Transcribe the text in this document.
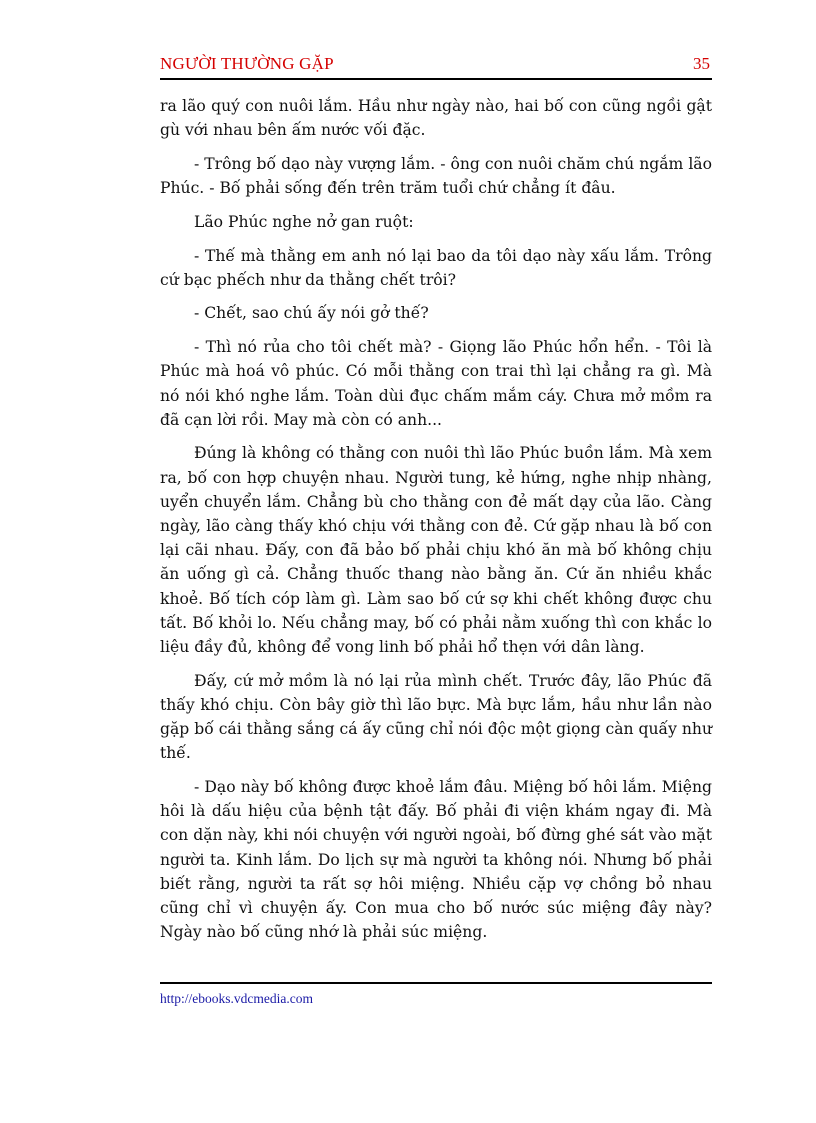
NGƯỜI THƯỜNG GẶP	35

ra lão quý con nuôi lắm. Hầu như ngày nào, hai bố con cũng ngồi gật gù với nhau bên ấm nước vối đặc.

- Trông bố dạo này vượng lắm. - ông con nuôi chăm chú ngắm lão Phúc. - Bố phải sống đến trên trăm tuổi chứ chẳng ít đâu.

Lão Phúc nghe nở gan ruột:

- Thế mà thằng em anh nó lại bao da tôi dạo này xấu lắm. Trông cứ bạc phếch như da thằng chết trôi?

- Chết, sao chú ấy nói gở thế?

- Thì nó rủa cho tôi chết mà? - Giọng lão Phúc hổn hển. - Tôi là Phúc mà hoá vô phúc. Có mỗi thằng con trai thì lại chẳng ra gì. Mà nó nói khó nghe lắm. Toàn dùi đục chấm mắm cáy. Chưa mở mồm ra đã cạn lời rồi. May mà còn có anh...

Đúng là không có thằng con nuôi thì lão Phúc buồn lắm. Mà xem ra, bố con hợp chuyện nhau. Người tung, kẻ hứng, nghe nhịp nhàng, uyển chuyển lắm. Chẳng bù cho thằng con đẻ mất dạy của lão. Càng ngày, lão càng thấy khó chịu với thằng con đẻ. Cứ gặp nhau là bố con lại cãi nhau. Đấy, con đã bảo bố phải chịu khó ăn mà bố không chịu ăn uống gì cả. Chẳng thuốc thang nào bằng ăn. Cứ ăn nhiều khắc khoẻ. Bố tích cóp làm gì. Làm sao bố cứ sợ khi chết không được chu tất. Bố khỏi lo. Nếu chẳng may, bố có phải nằm xuống thì con khắc lo liệu đầy đủ, không để vong linh bố phải hổ thẹn với dân làng.

Đấy, cứ mở mồm là nó lại rủa mình chết. Trước đây, lão Phúc đã thấy khó chịu. Còn bây giờ thì lão bực. Mà bực lắm, hầu như lần nào gặp bố cái thằng sắng cá ấy cũng chỉ nói độc một giọng càn quấy như thế.

- Dạo này bố không được khoẻ lắm đâu. Miệng bố hôi lắm. Miệng hôi là dấu hiệu của bệnh tật đấy. Bố phải đi viện khám ngay đi. Mà con dặn này, khi nói chuyện với người ngoài, bố đừng ghé sát vào mặt người ta. Kinh lắm. Do lịch sự mà người ta không nói. Nhưng bố phải biết rằng, người ta rất sợ hôi miệng. Nhiều cặp vợ chồng bỏ nhau cũng chỉ vì chuyện ấy. Con mua cho bố nước súc miệng đây này? Ngày nào bố cũng nhớ là phải súc miệng.

http://ebooks.vdcmedia.com
